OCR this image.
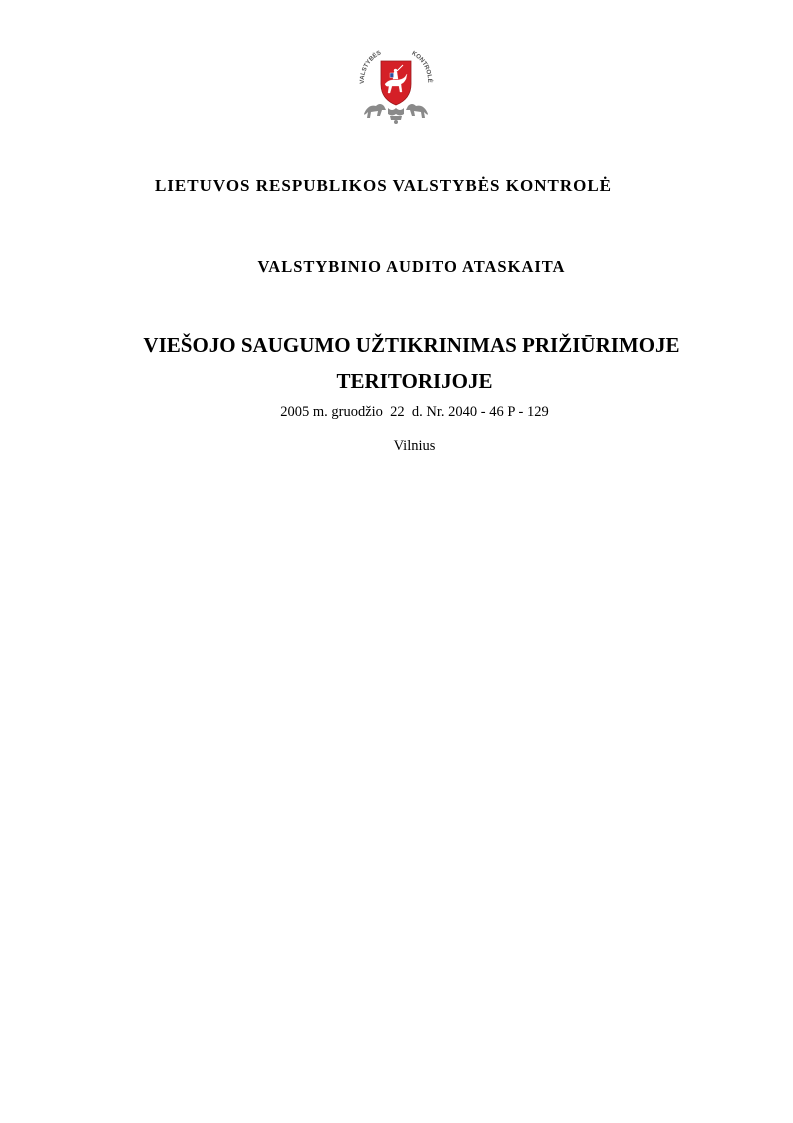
VALSTYBĖS	KONTROLĖ
LIETUVOS RESPUBLIKOS VALSTYBĖS KONTROLĖ
VALSTYBINIO AUDITO ATASKAITA
VIEŠOJO SAUGUMO UŽTIKRINIMAS PRIŽIŪRIMOJE
TERITORIJOJE
2005 m. gruodžio  22  d. Nr. 2040 - 46 P - 129
Vilnius
